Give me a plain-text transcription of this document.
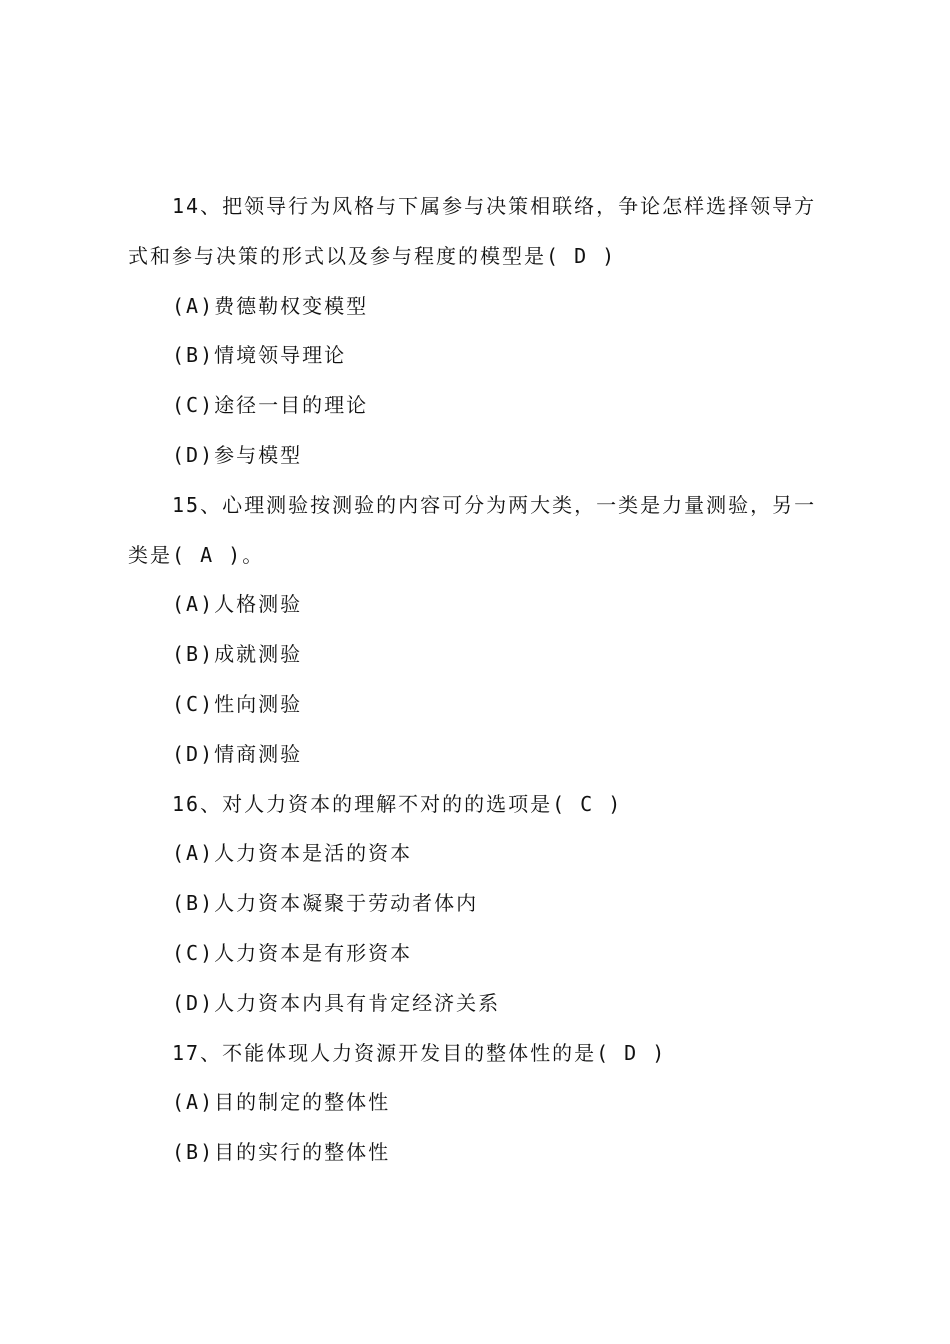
14、把领导行为风格与下属参与决策相联络，争论怎样选择领导方
式和参与决策的形式以及参与程度的模型是( D )
(A)费德勒权变模型
(B)情境领导理论
(C)途径一目的理论
(D)参与模型
15、心理测验按测验的内容可分为两大类，一类是力量测验，另一
类是( A )。
(A)人格测验
(B)成就测验
(C)性向测验
(D)情商测验
16、对人力资本的理解不对的的选项是( C )
(A)人力资本是活的资本
(B)人力资本凝聚于劳动者体内
(C)人力资本是有形资本
(D)人力资本内具有肯定经济关系
17、不能体现人力资源开发目的整体性的是( D )
(A)目的制定的整体性
(B)目的实行的整体性
